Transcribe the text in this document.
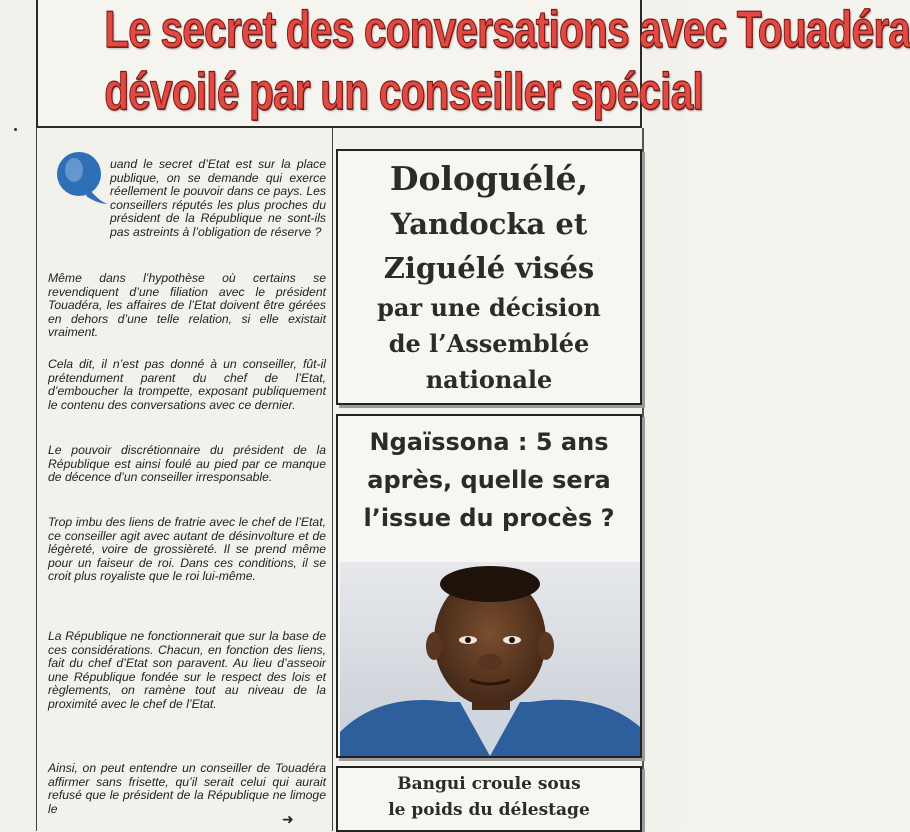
Le secret des conversations avec Touadéra
dévoilé par un conseiller spécial

uand le secret d’Etat est sur la place publique, on se demande qui exerce réellement le pouvoir dans ce pays. Les conseillers réputés les plus proches du président de la République ne sont-ils pas astreints à l’obligation de réserve ?

Même dans l’hypothèse où certains se revendiquent d’une filiation avec le président Touadéra, les affaires de l’Etat doivent être gérées en dehors d’une telle relation, si elle existait vraiment.

Cela dit, il n’est pas donné à un conseiller, fût-il prétendument parent du chef de l’Etat, d’emboucher la trompette, exposant publiquement le contenu des conversations avec ce dernier.

Le pouvoir discrétionnaire du président de la République est ainsi foulé au pied par ce manque de décence d’un conseiller irresponsable.

Trop imbu des liens de fratrie avec le chef de l’Etat, ce conseiller agit avec autant de désinvolture et de légèreté, voire de grossièreté. Il se prend même pour un faiseur de roi. Dans ces conditions, il se croit plus royaliste que le roi lui-même.

La République ne fonctionnerait que sur la base de ces considérations. Chacun, en fonction des liens, fait du chef d’Etat son paravent. Au lieu d’asseoir une République fondée sur le respect des lois et règlements, on ramène tout au niveau de la proximité avec le chef de l’Etat.

Ainsi, on peut entendre un conseiller de Touadéra affirmer sans frisette, qu’il serait celui qui aurait refusé que le président de la République ne limoge le

➜
Dologuélé,
Yandocka et
Ziguélé visés
par une décision
de l’Assemblée
nationale
Ngaïssona : 5 ans
après, quelle sera
l’issue du procès ?
Bangui croule sous
le poids du délestage
